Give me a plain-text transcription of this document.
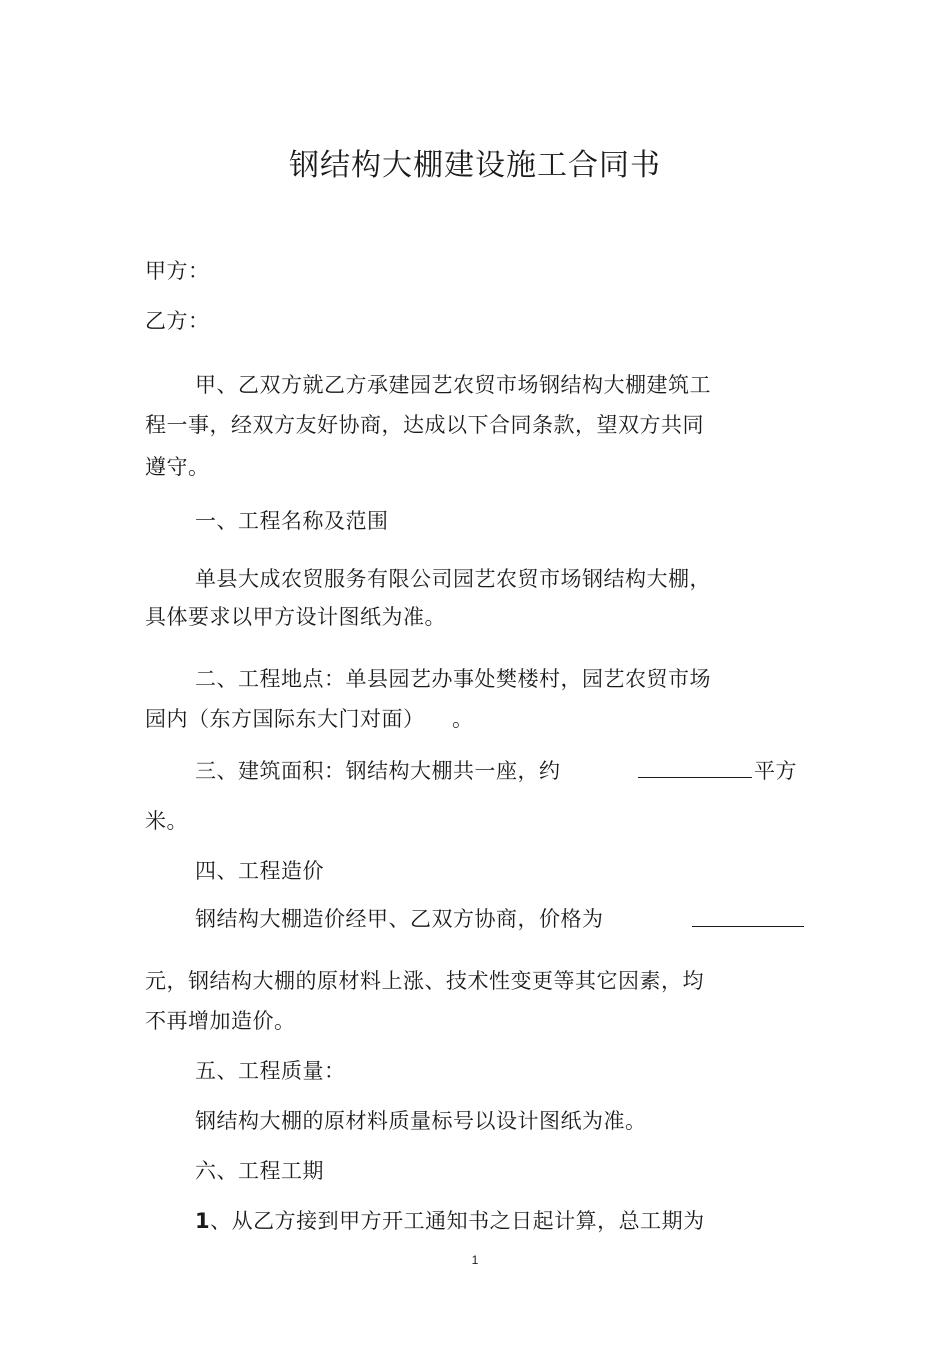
钢结构大棚建设施工合同书
甲方：
乙方：
甲、乙双方就乙方承建园艺农贸市场钢结构大棚建筑工
程一事，经双方友好协商，达成以下合同条款，望双方共同
遵守。
一、工程名称及范围
单县大成农贸服务有限公司园艺农贸市场钢结构大棚，
具体要求以甲方设计图纸为准。
二、工程地点：单县园艺办事处樊楼村，园艺农贸市场
园内（东方国际东大门对面） 。
三、建筑面积：钢结构大棚共一座，约	平方
米。
四、工程造价
钢结构大棚造价经甲、乙双方协商，价格为
元，钢结构大棚的原材料上涨、技术性变更等其它因素，均
不再增加造价。
五、工程质量：
钢结构大棚的原材料质量标号以设计图纸为准。
六、工程工期
1、从乙方接到甲方开工通知书之日起计算，总工期为
1
